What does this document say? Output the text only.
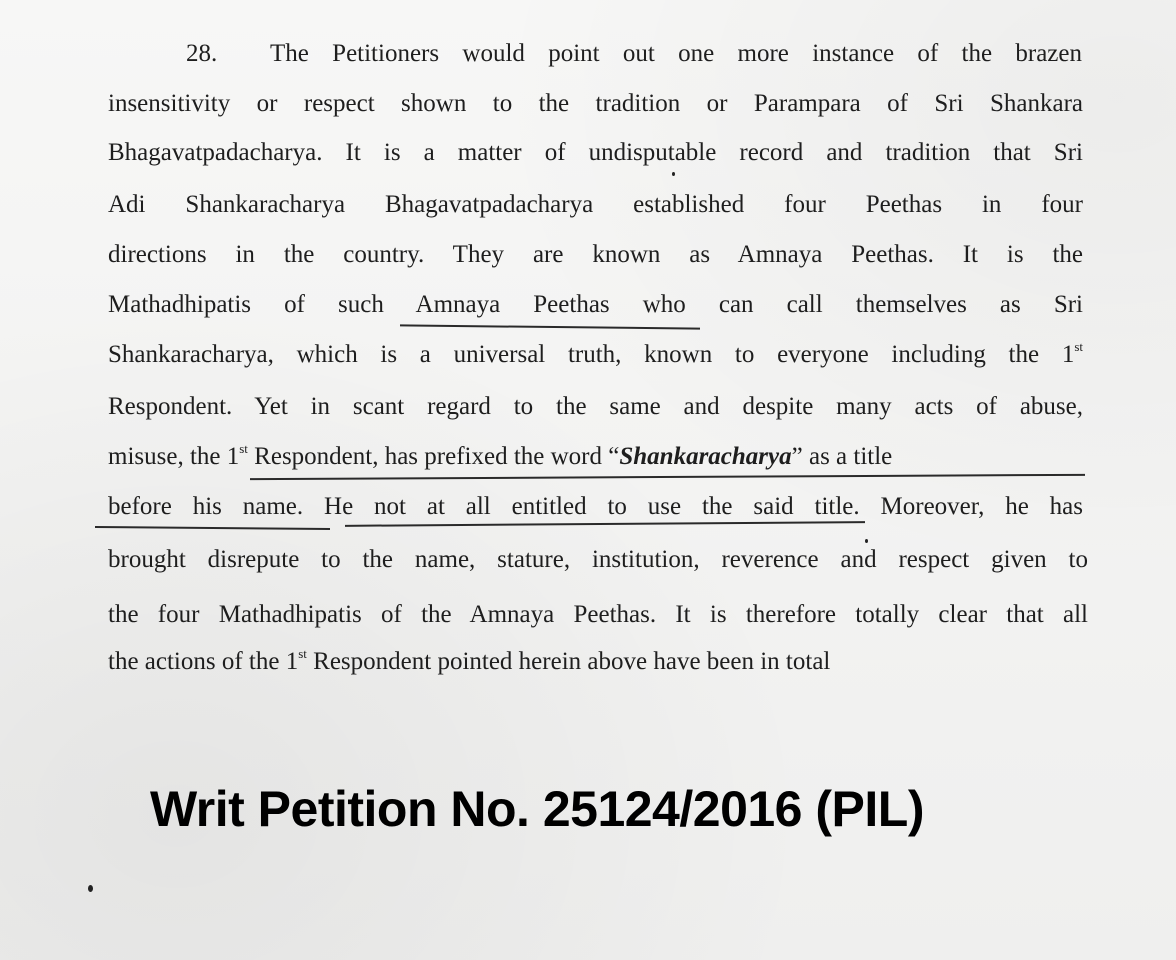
28. The Petitioners would point out one more instance of the brazen
insensitivity or respect shown to the tradition or Parampara of Sri Shankara
Bhagavatpadacharya. It is a matter of undisputable record and tradition that Sri
Adi Shankaracharya Bhagavatpadacharya established four Peethas in four
directions in the country. They are known as Amnaya Peethas. It is the
Mathadhipatis of such Amnaya Peethas who can call themselves as Sri
Shankaracharya, which is a universal truth, known to everyone including the 1st
Respondent. Yet in scant regard to the same and despite many acts of abuse,
misuse, the 1st Respondent, has prefixed the word “Shankaracharya” as a title
before his name. He not at all entitled to use the said title. Moreover, he has
brought disrepute to the name, stature, institution, reverence and respect given to
the four Mathadhipatis of the Amnaya Peethas. It is therefore totally clear that all
the actions of the 1st Respondent pointed herein above have been in total
Writ Petition No. 25124/2016 (PIL)
